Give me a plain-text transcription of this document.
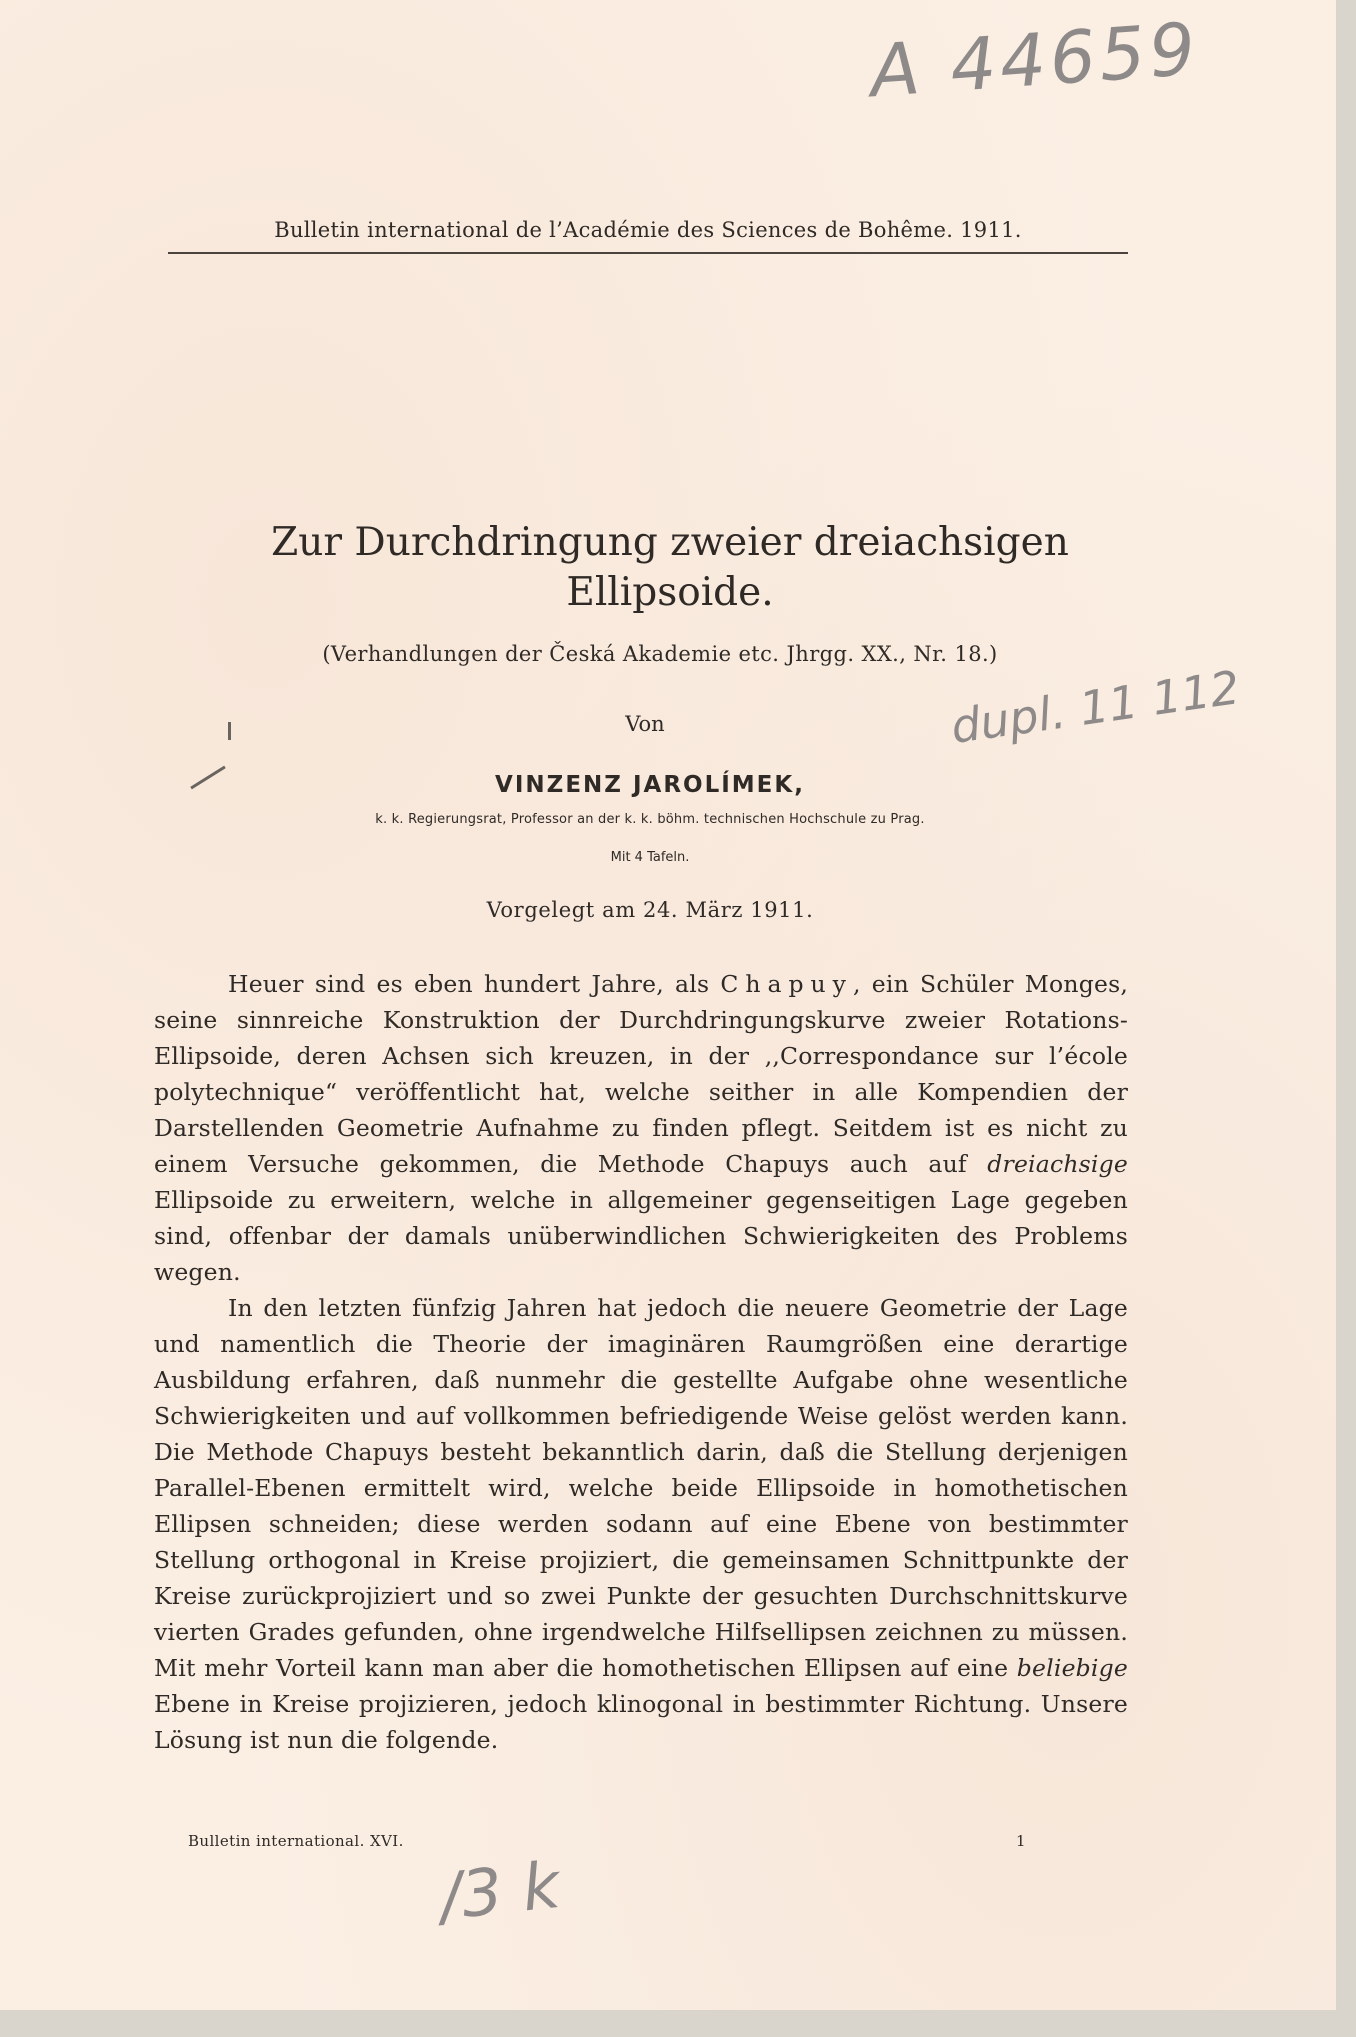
A 44659
Bulletin international de l’Académie des Sciences de Bohême. 1911.
Zur Durchdringung zweier dreiachsigen
Ellipsoide.
(Verhandlungen der Česká Akademie etc. Jhrgg. XX., Nr. 18.)
Von	dupl. 11 112
VINZENZ JAROLÍMEK,
k. k. Regierungsrat, Professor an der k. k. böhm. technischen Hochschule zu Prag.
Mit 4 Tafeln.
Vorgelegt am 24. März 1911.

Heuer sind es eben hundert Jahre, als Chapuy, ein Schüler Monges, seine sinnreiche Konstruktion der Durchdringungskurve zweier Rotations-Ellipsoide, deren Achsen sich kreuzen, in der ,,Correspondance sur l’école polytechnique“ veröffentlicht hat, welche seither in alle Kompendien der Darstellenden Geometrie Aufnahme zu finden pflegt. Seitdem ist es nicht zu einem Versuche gekommen, die Methode Chapuys auch auf dreiachsige Ellipsoide zu erweitern, welche in allgemeiner gegenseitigen Lage gegeben sind, offenbar der damals unüberwindlichen Schwierigkeiten des Problems wegen.

In den letzten fünfzig Jahren hat jedoch die neuere Geometrie der Lage und namentlich die Theorie der imaginären Raumgrößen eine derartige Ausbildung erfahren, daß nunmehr die gestellte Aufgabe ohne wesentliche Schwierigkeiten und auf vollkommen befriedigende Weise gelöst werden kann. Die Methode Chapuys besteht bekanntlich darin, daß die Stellung derjenigen Parallel-Ebenen ermittelt wird, welche beide Ellipsoide in homothetischen Ellipsen schneiden; diese werden sodann auf eine Ebene von bestimmter Stellung orthogonal in Kreise projiziert, die gemeinsamen Schnittpunkte der Kreise zurückprojiziert und so zwei Punkte der gesuchten Durchschnittskurve vierten Grades gefunden, ohne irgendwelche Hilfsellipsen zeichnen zu müssen. Mit mehr Vorteil kann man aber die homothetischen Ellipsen auf eine beliebige Ebene in Kreise projizieren, jedoch klinogonal in bestimmter Richtung. Unsere Lösung ist nun die folgende.

Bulletin international. XVI.	1
/3 k
